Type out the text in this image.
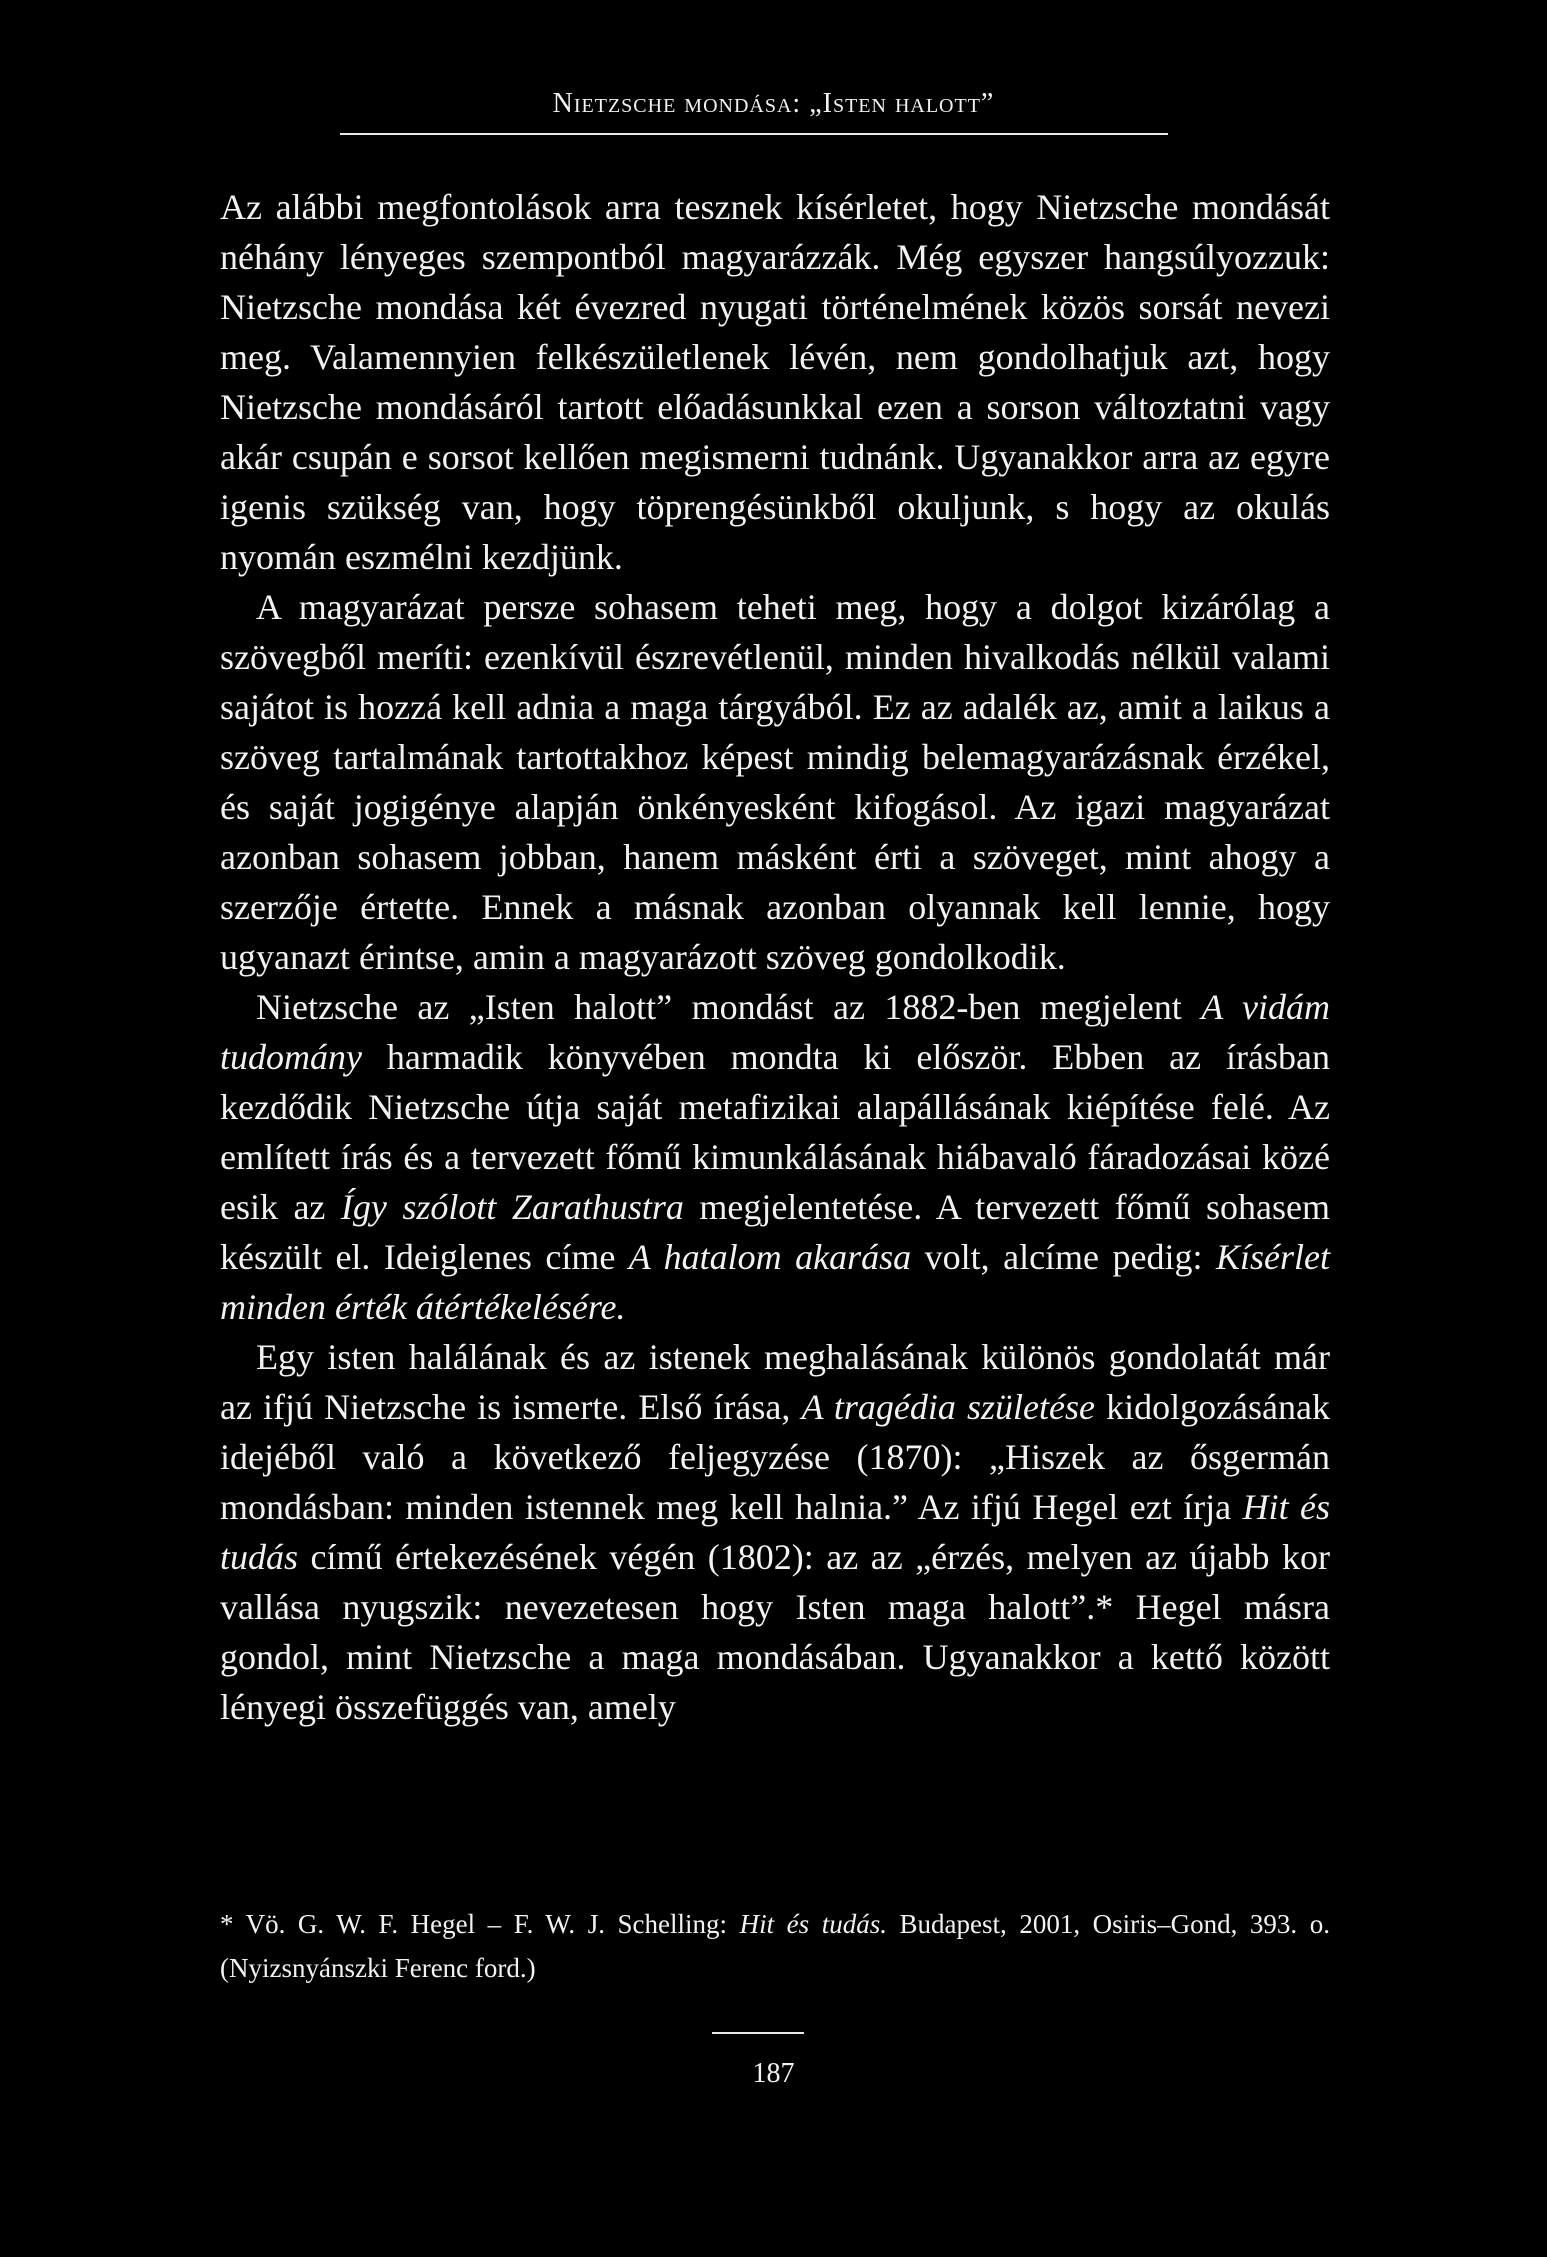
Nietzsche mondása: „Isten halott”

Az alábbi megfontolások arra tesznek kísérletet, hogy Nietzsche mondását néhány lényeges szempontból magyarázzák. Még egyszer hangsúlyozzuk: Nietzsche mondása két évezred nyugati történelmének közös sorsát nevezi meg. Valamennyien felkészületlenek lévén, nem gondolhatjuk azt, hogy Nietzsche mondásáról tartott előadásunkkal ezen a sorson változtatni vagy akár csupán e sorsot kellően megismerni tudnánk. Ugyanakkor arra az egyre igenis szükség van, hogy töprengésünkből okuljunk, s hogy az okulás nyomán eszmélni kezdjünk.

A magyarázat persze sohasem teheti meg, hogy a dolgot kizárólag a szövegből meríti: ezenkívül észrevétlenül, minden hivalkodás nélkül valami sajátot is hozzá kell adnia a maga tárgyából. Ez az adalék az, amit a laikus a szöveg tartalmának tartottakhoz képest mindig belemagyarázásnak érzékel, és saját jogigénye alapján önkényesként kifogásol. Az igazi magyarázat azonban sohasem jobban, hanem másként érti a szöveget, mint ahogy a szerzője értette. Ennek a másnak azonban olyannak kell lennie, hogy ugyanazt érintse, amin a magyarázott szöveg gondolkodik.

Nietzsche az „Isten halott” mondást az 1882-ben megjelent A vidám tudomány harmadik könyvében mondta ki először. Ebben az írásban kezdődik Nietzsche útja saját metafizikai alapállásának kiépítése felé. Az említett írás és a tervezett főmű kimunkálásának hiábavaló fáradozásai közé esik az Így szólott Zarathustra megjelentetése. A tervezett főmű sohasem készült el. Ideiglenes címe A hatalom akarása volt, alcíme pedig: Kísérlet minden érték átértékelésére.

Egy isten halálának és az istenek meghalásának különös gondolatát már az ifjú Nietzsche is ismerte. Első írása, A tragédia születése kidolgozásának idejéből való a következő feljegyzése (1870): „Hiszek az ősgermán mondásban: minden istennek meg kell halnia.” Az ifjú Hegel ezt írja Hit és tudás című értekezésének végén (1802): az az „érzés, melyen az újabb kor vallása nyugszik: nevezetesen hogy Isten maga halott”.* Hegel másra gondol, mint Nietzsche a maga mondásában. Ugyanakkor a kettő között lényegi összefüggés van, amely

* Vö. G. W. F. Hegel – F. W. J. Schelling: Hit és tudás. Budapest, 2001, Osiris–Gond, 393. o. (Nyizsnyánszki Ferenc ford.)

187
